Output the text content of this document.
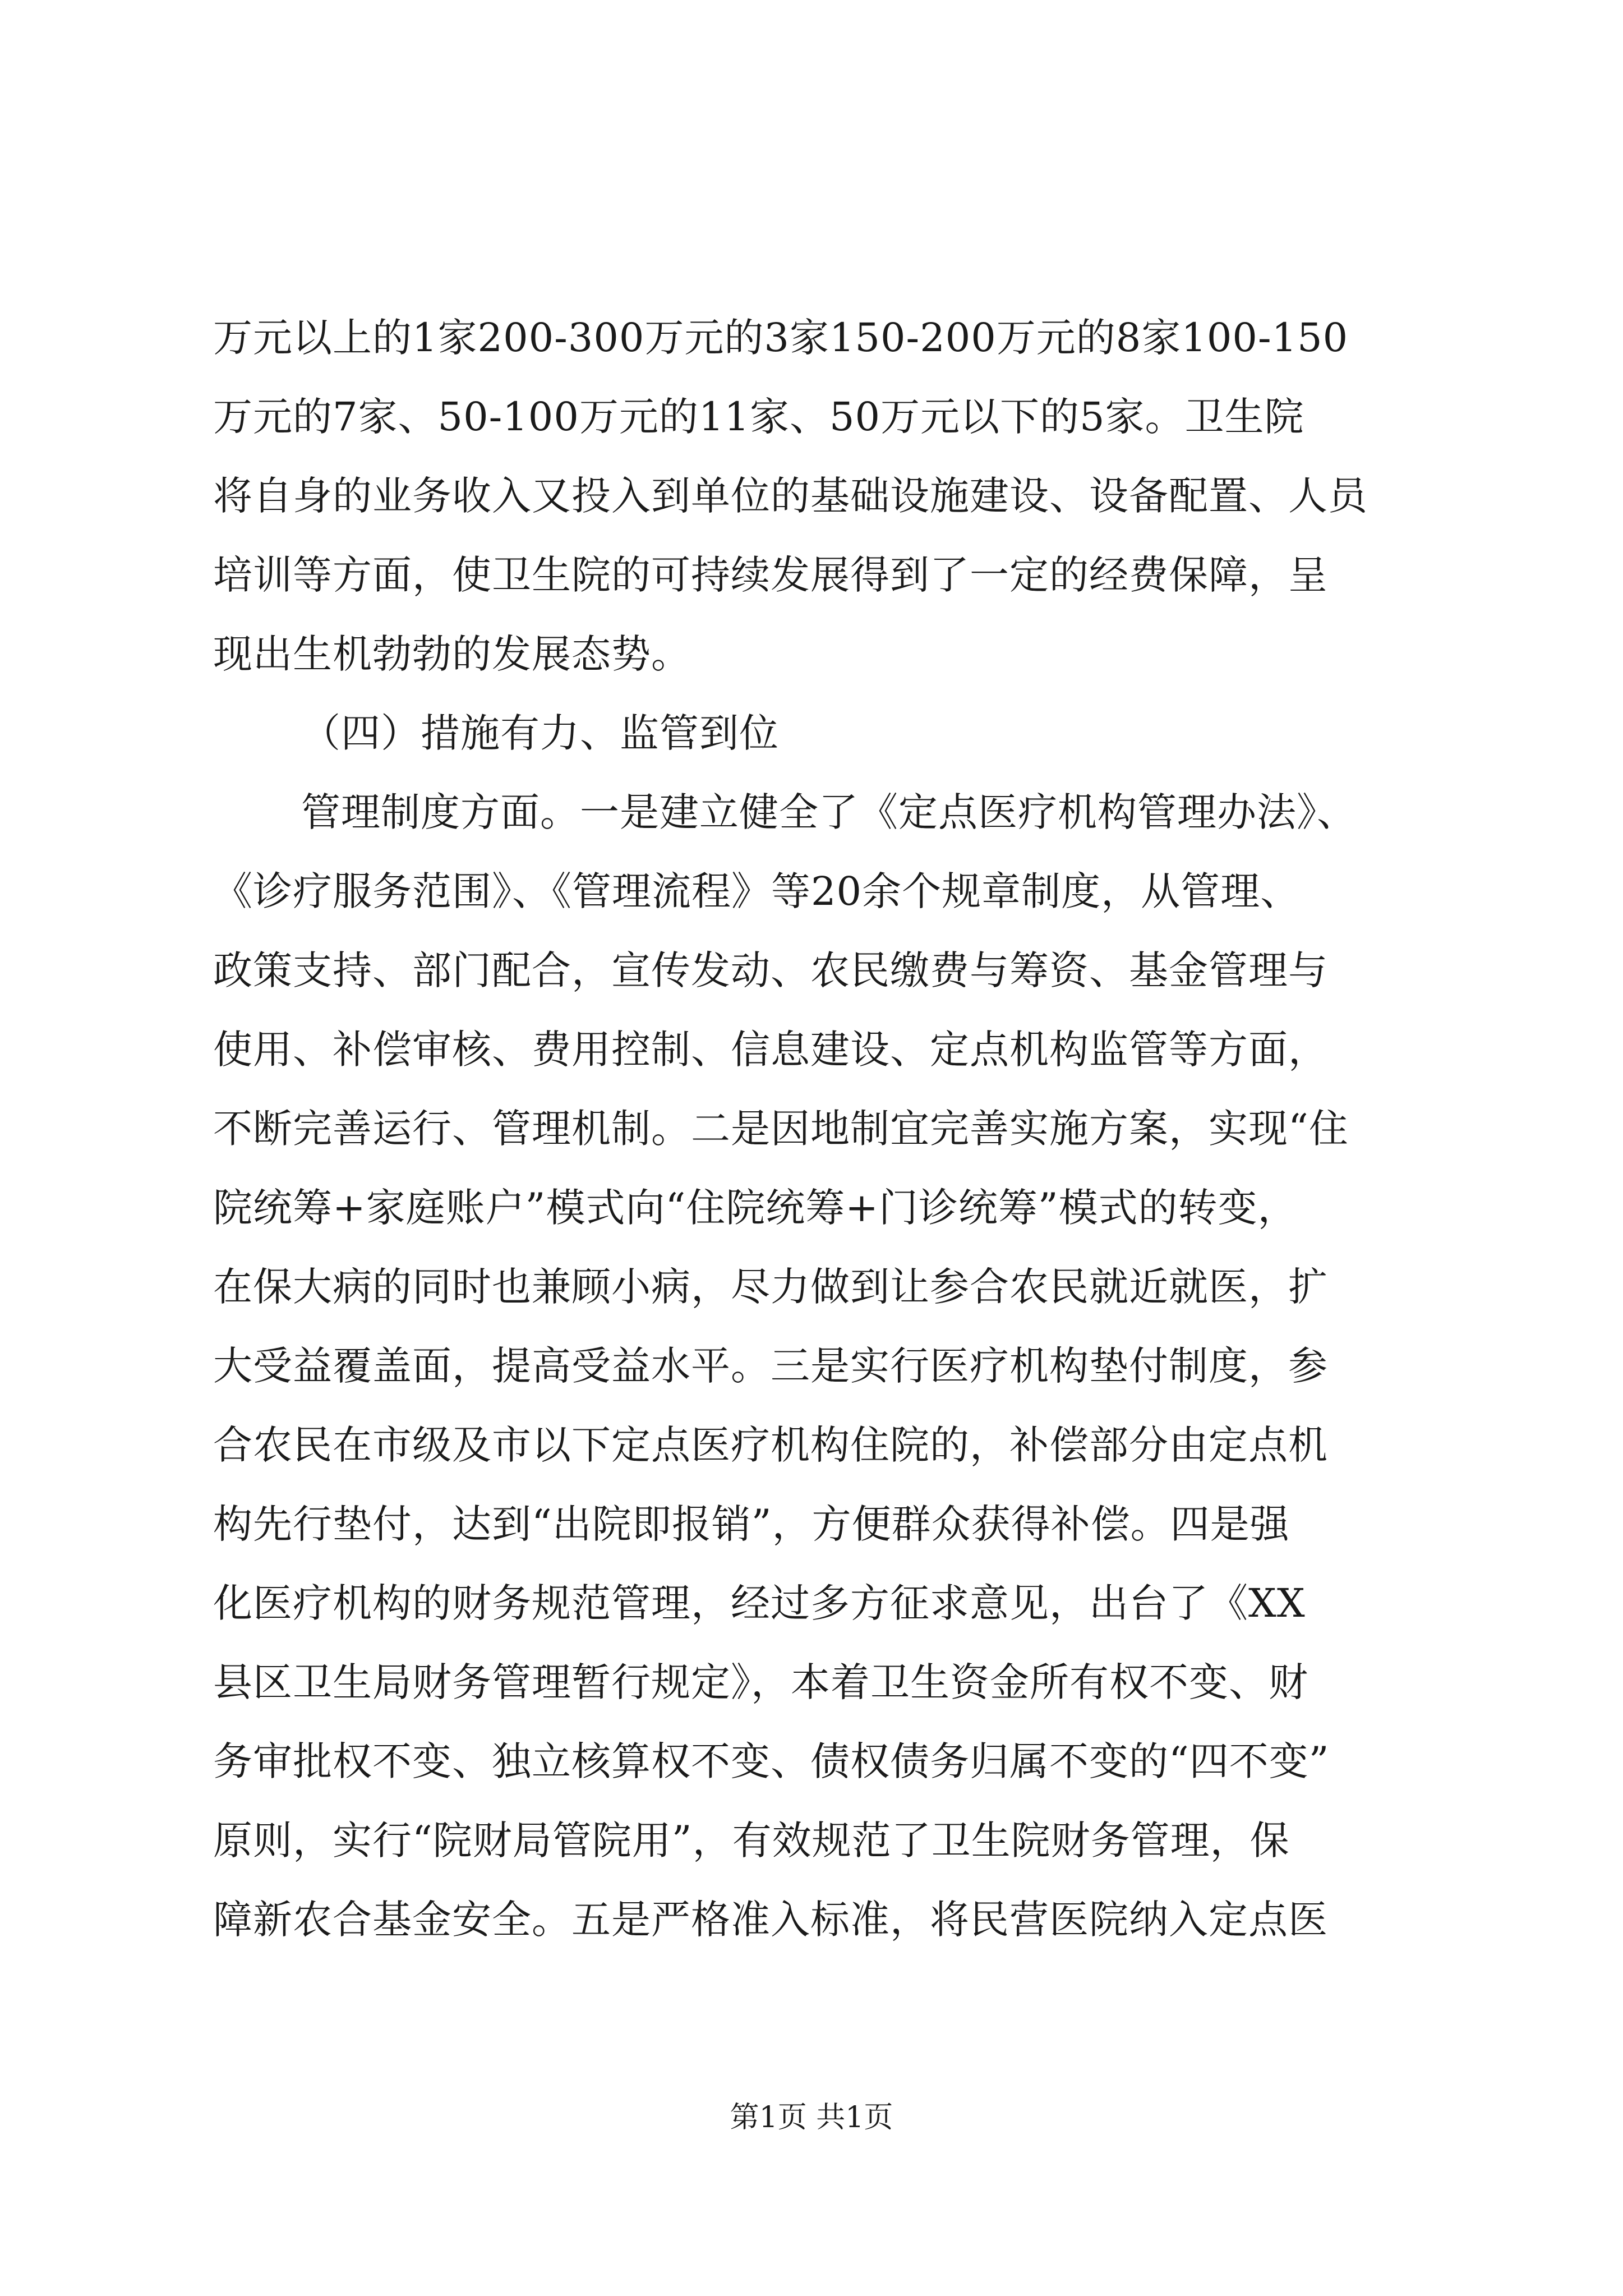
万元以上的1家200-300万元的3家150-200万元的8家100-150
万元的7家、50-100万元的11家、50万元以下的5家。卫生院
将自身的业务收入又投入到单位的基础设施建设、设备配置、人员
培训等方面，使卫生院的可持续发展得到了一定的经费保障，呈
现出生机勃勃的发展态势。
（四）措施有力、监管到位
管理制度方面。一是建立健全了《定点医疗机构管理办法》、
《诊疗服务范围》、《管理流程》等20余个规章制度，从管理、
政策支持、部门配合，宣传发动、农民缴费与筹资、基金管理与
使用、补偿审核、费用控制、信息建设、定点机构监管等方面，
不断完善运行、管理机制。二是因地制宜完善实施方案，实现“住
院统筹+家庭账户”模式向“住院统筹+门诊统筹”模式的转变，
在保大病的同时也兼顾小病，尽力做到让参合农民就近就医，扩
大受益覆盖面，提高受益水平。三是实行医疗机构垫付制度，参
合农民在市级及市以下定点医疗机构住院的，补偿部分由定点机
构先行垫付，达到“出院即报销”，方便群众获得补偿。四是强
化医疗机构的财务规范管理，经过多方征求意见，出台了《XX
县区卫生局财务管理暂行规定》，本着卫生资金所有权不变、财
务审批权不变、独立核算权不变、债权债务归属不变的“四不变”
原则，实行“院财局管院用”，有效规范了卫生院财务管理，保
障新农合基金安全。五是严格准入标准，将民营医院纳入定点医
第1页 共1页
